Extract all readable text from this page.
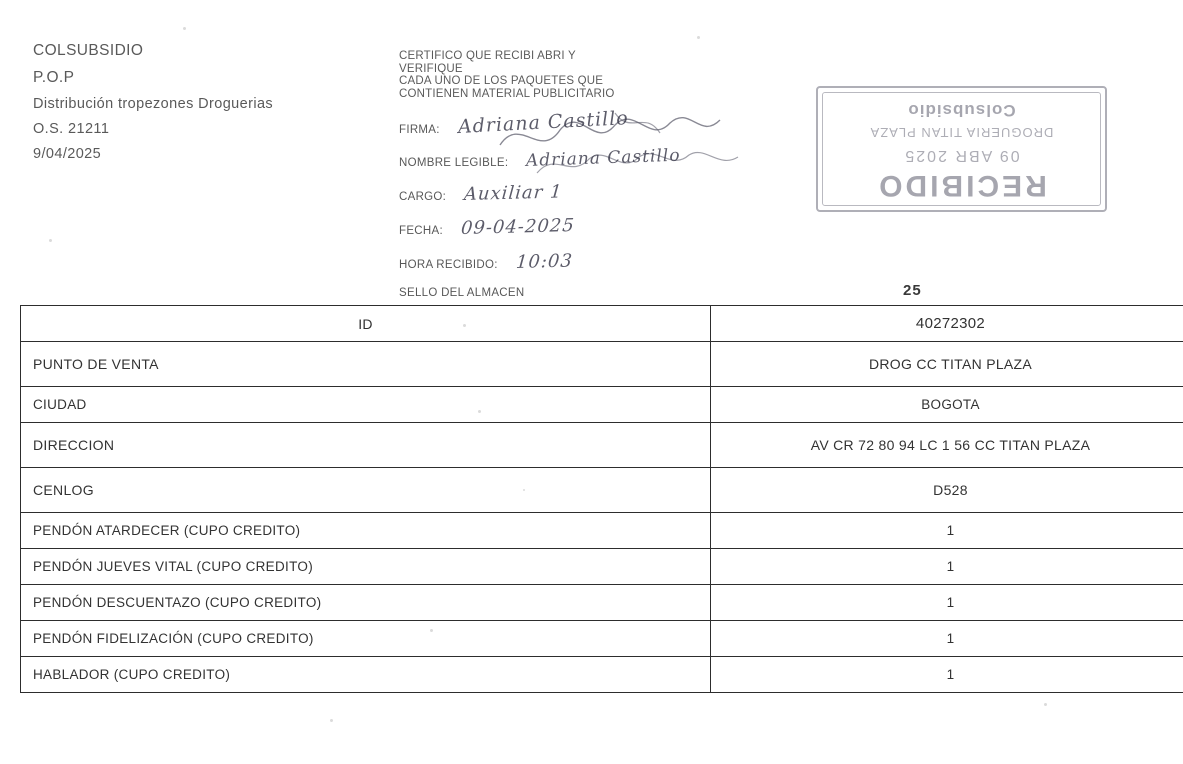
COLSUBSIDIO
P.O.P
Distribución tropezones Droguerias
O.S. 21211
9/04/2025
CERTIFICO QUE RECIBI ABRI Y
VERIFIQUE
CADA UNO DE LOS PAQUETES QUE
CONTIENEN MATERIAL PUBLICITARIO
FIRMA: Adriana Castillo
NOMBRE LEGIBLE: Adriana Castillo
CARGO: Auxiliar 1
FECHA: 09-04-2025
HORA RECIBIDO: 10:03
SELLO DEL ALMACEN
RECIBIDO
09 ABR 2025
DROGUERIA TITAN PLAZA
Colsubsidio
25
ID	40272302
PUNTO DE VENTA	DROG CC TITAN PLAZA
CIUDAD	BOGOTA
DIRECCION	AV CR 72 80 94 LC 1 56 CC TITAN PLAZA
CENLOG	D528
PENDÓN ATARDECER (CUPO CREDITO)	1
PENDÓN JUEVES VITAL (CUPO CREDITO)	1
PENDÓN DESCUENTAZO (CUPO CREDITO)	1
PENDÓN FIDELIZACIÓN (CUPO CREDITO)	1
HABLADOR (CUPO CREDITO)	1
